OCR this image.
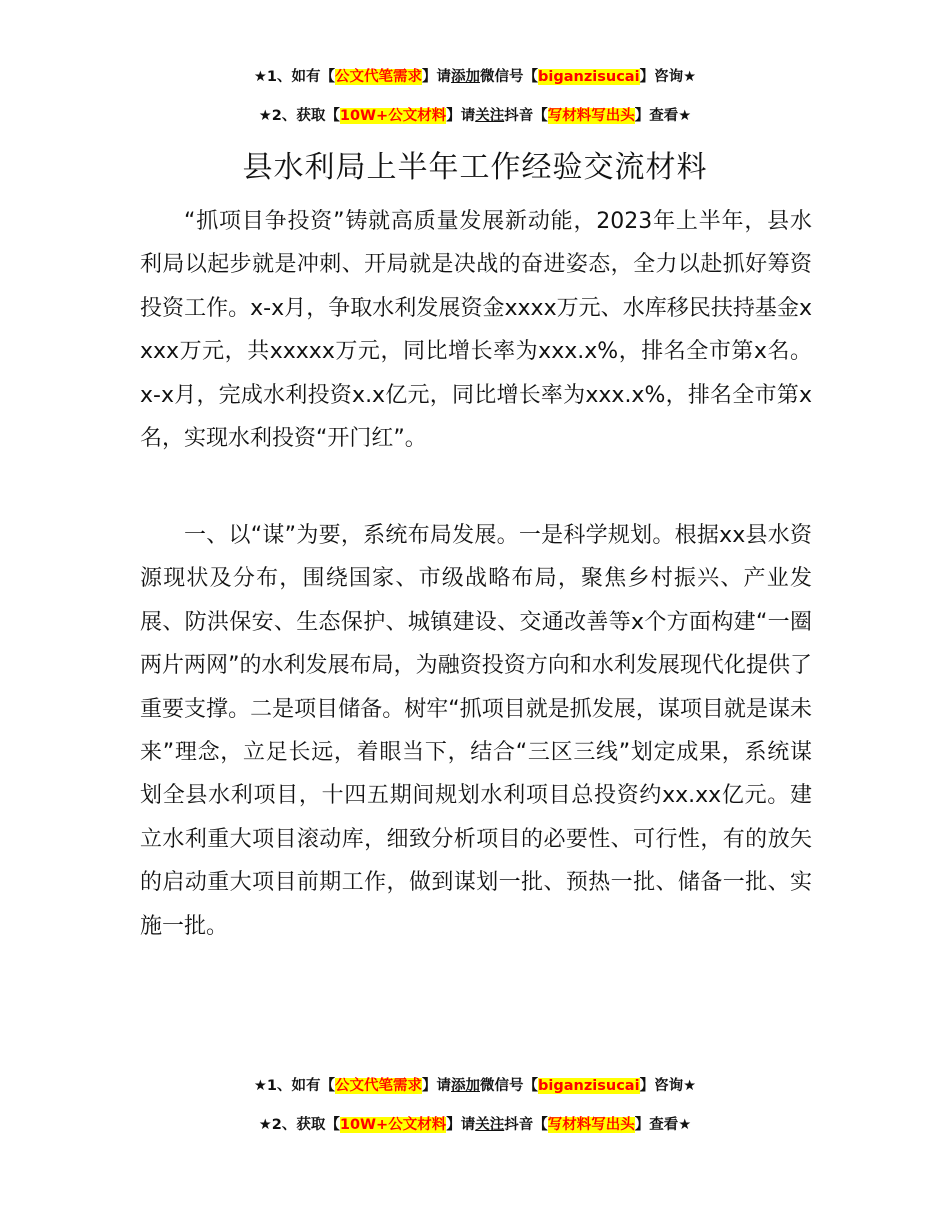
★1、如有【公文代笔需求】请添加微信号【biganzisucai】咨询★
★2、获取【10W+公文材料】请关注抖音【写材料写出头】查看★
县水利局上半年工作经验交流材料

“抓项目争投资”铸就高质量发展新动能，2023年上半年，县水利局以起步就是冲刺、开局就是决战的奋进姿态，全力以赴抓好筹资投资工作。x-x月，争取水利发展资金xxxx万元、水库移民扶持基金xxxx万元，共xxxxx万元，同比增长率为xxx.x%，排名全市第x名。x-x月，完成水利投资x.x亿元，同比增长率为xxx.x%，排名全市第x名，实现水利投资“开门红”。

一、以“谋”为要，系统布局发展。一是科学规划。根据xx县水资源现状及分布，围绕国家、市级战略布局，聚焦乡村振兴、产业发展、防洪保安、生态保护、城镇建设、交通改善等x个方面构建“一圈两片两网”的水利发展布局，为融资投资方向和水利发展现代化提供了重要支撑。二是项目储备。树牢“抓项目就是抓发展，谋项目就是谋未来”理念，立足长远，着眼当下，结合“三区三线”划定成果，系统谋划全县水利项目，十四五期间规划水利项目总投资约xx.xx亿元。建立水利重大项目滚动库，细致分析项目的必要性、可行性，有的放矢的启动重大项目前期工作，做到谋划一批、预热一批、储备一批、实施一批。

★1、如有【公文代笔需求】请添加微信号【biganzisucai】咨询★
★2、获取【10W+公文材料】请关注抖音【写材料写出头】查看★
